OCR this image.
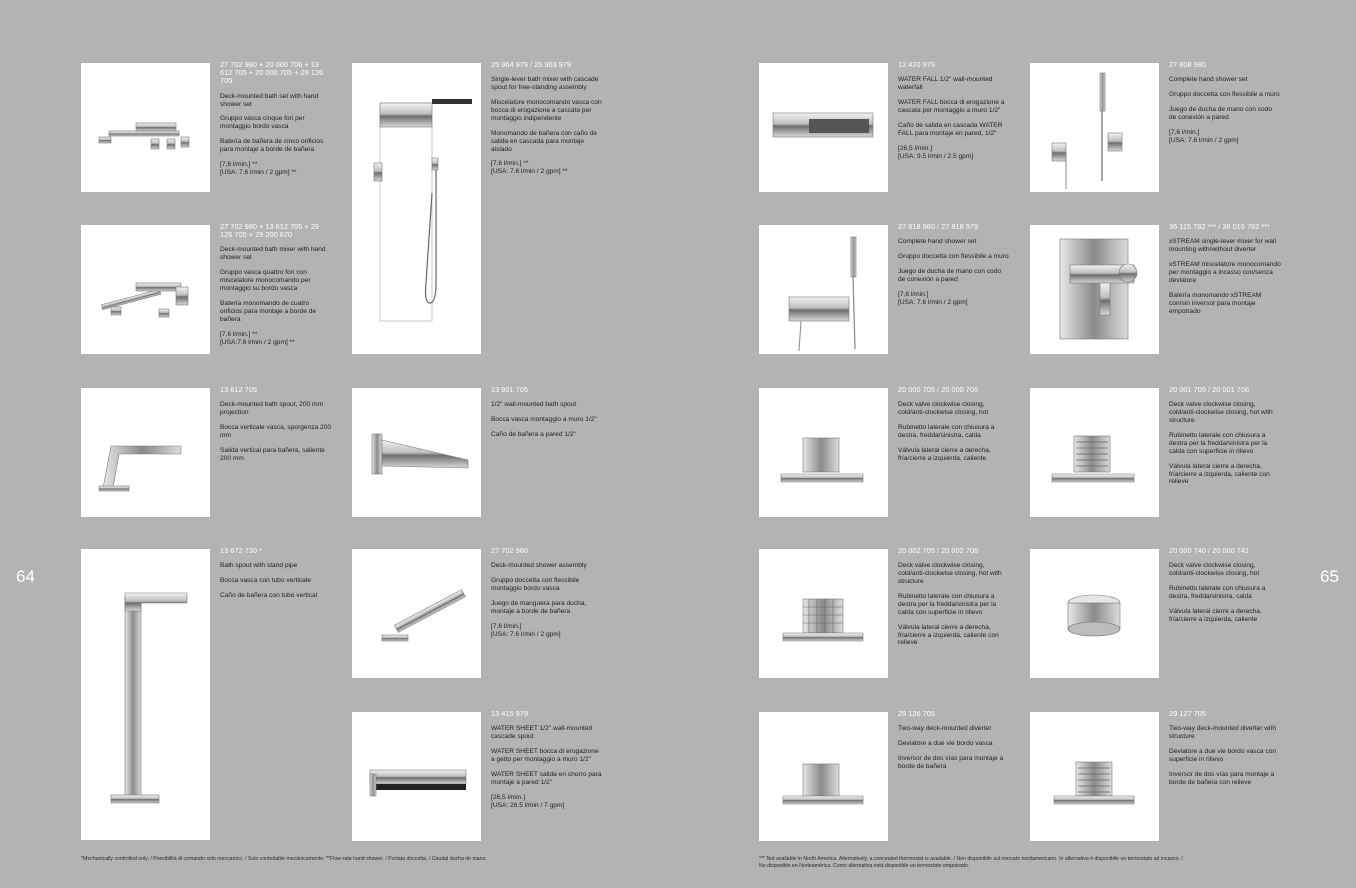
64	65
27 702 980 + 20 000 706 + 13 612 705 + 20 000 705 + 29 126 705
Deck-mounted bath set with hand shower set
Gruppo vasca cinque fori per montaggio bordo vasca
Batería de bañera de cinco orificios para montaje a borde de bañera
[7,6 l/min.] **
[USA: 7.6 l/min / 2 gpm] **
27 702 980 + 13 612 705 + 29 126 705 + 29 200 670
Deck-mounted bath mixer with hand shower set
Gruppo vasca quattro fori con miscelatore monocomando per montaggio su bordo vasca
Batería monomando de cuatro orificios para montaje a borde de bañera
[7,6 l/min.] **
[USA:7.6 l/min / 2 gpm] **
13 612 705
Deck-mounted bath spout, 200 mm projection
Bocca verticale vasca, sporgenza 200 mm
Salida vertical para bañera, saliente 200 mm
13 672 730 *
Bath spout with stand pipe
Bocca vasca con tubo verticale
Caño de bañera con tubo vertical
25 964 979 / 25 963 979
Single-lever bath mixer with cascade spout for free-standing assembly
Miscelatore monocomando vasca con bocca di erogazione a cascata per montaggio indipendente
Monomando de bañera con caño de salida en cascada para montaje aislado
[7,6 l/min.] **
[USA: 7.6 l/min / 2 gpm] **
13 801 705
1/2" wall-mounted bath spout
Bocca vasca montaggio a muro 1/2"
Caño de bañera a pared 1/2"
27 702 980
Deck-mounted shower assembly
Gruppo doccetta con flessibile montaggio bordo vasca
Juego de manguera para ducha, montaje a borde de bañera
[7,6 l/min.]
[USA: 7.6 l/min / 2 gpm]
13 415 979
WATER SHEET 1/2" wall-mounted cascade spout
WATER SHEET bocca di erogazione a getto per montaggio a muro 1/2"
WATER SHEET salida en chorro para montaje a pared 1/2"
[26,5 l/min.]
[USA: 26.5 l/min / 7 gpm]
13 420 979
WATER FALL 1/2" wall-mounted waterfall
WATER FALL bocca di erogazione a cascata per montaggio a muro 1/2"
Caño de salida en cascada WATER FALL para montaje en pared, 1/2"
[26,5 l/min.]
[USA: 9.5 l/min / 2.5 gpm]
27 808 980
Complete hand shower set
Gruppo doccetta con flessibile a muro
Juego de ducha de mano con codo de conexión a pared
[7,6 l/min.]
[USA: 7.6 l/min / 2 gpm]
27 818 980 / 27 818 979
Complete hand shower set
Gruppo doccetta con flessibile a muro
Juego de ducha de mano con codo de conexión a pared
[7,6 l/min.]
[USA: 7.6 l/min / 2 gpm]
36 115 782 *** / 36 015 782 ***
xSTREAM single-lever mixer for wall mounting with/without diverter
xSTREAM miscelatore monocomando per montaggio a incasso con/senza deviatore
Batería monomando xSTREAM con/sin inversor para montaje empotrado
20 000 705 / 20 000 706
Deck valve clockwise closing, cold/anti-clockwise closing, hot
Rubinetto laterale con chiusura a destra, fredda/sinistra, calda
Válvula lateral cierre a derecha, fría/cierre a izquierda, caliente
20 001 705 / 20 001 706
Deck valve clockwise closing, cold/anti-clockwise closing, hot with structure
Rubinetto laterale con chiusura a destra per la fredda/sinistra per la calda con superficie in rilievo
Válvula lateral cierre a derecha, fría/cierre a izquierda, caliente con relieve
20 002 705 / 20 002 706
Deck valve clockwise closing, cold/anti-clockwise closing, hot with structure
Rubinetto laterale con chiusura a destra per la fredda/sinistra per la calda con superficie in rilievo
Válvula lateral cierre a derecha, fría/cierre a izquierda, caliente con relieve
20 000 740 / 20 000 741
Deck valve clockwise closing, cold/anti-clockwise closing, hot
Rubinetto laterale con chiusura a destra, fredda/sinistra, calda
Válvula lateral cierre a derecha, fría/cierre a izquierda, caliente
29 126 705
Two-way deck-mounted diverter
Deviatore a due vie bordo vasca
Inversor de dos vías para montaje a borde de bañera
29 127 705
Two-way deck-mounted diverter with structure
Deviatore a due vie bordo vasca con superficie in rilievo
Inversor de dos vías para montaje a borde de bañera con relieve
*Mechanically controlled only. / Possibilità di comando solo meccanico. / Solo controlable mecánicamente. **Flow-rate hand shower. / Portata doccetta. / Caudal ducha de mano.	*** Not available in North America. Alternatively, a concealed thermostat is available. / Non disponibile sul mercato nordamericano. In alternativa è disponibile un termostato ad incasso. /
No disponible en Norteamérica. Como alternativa está disponible un termostato empotrado.
